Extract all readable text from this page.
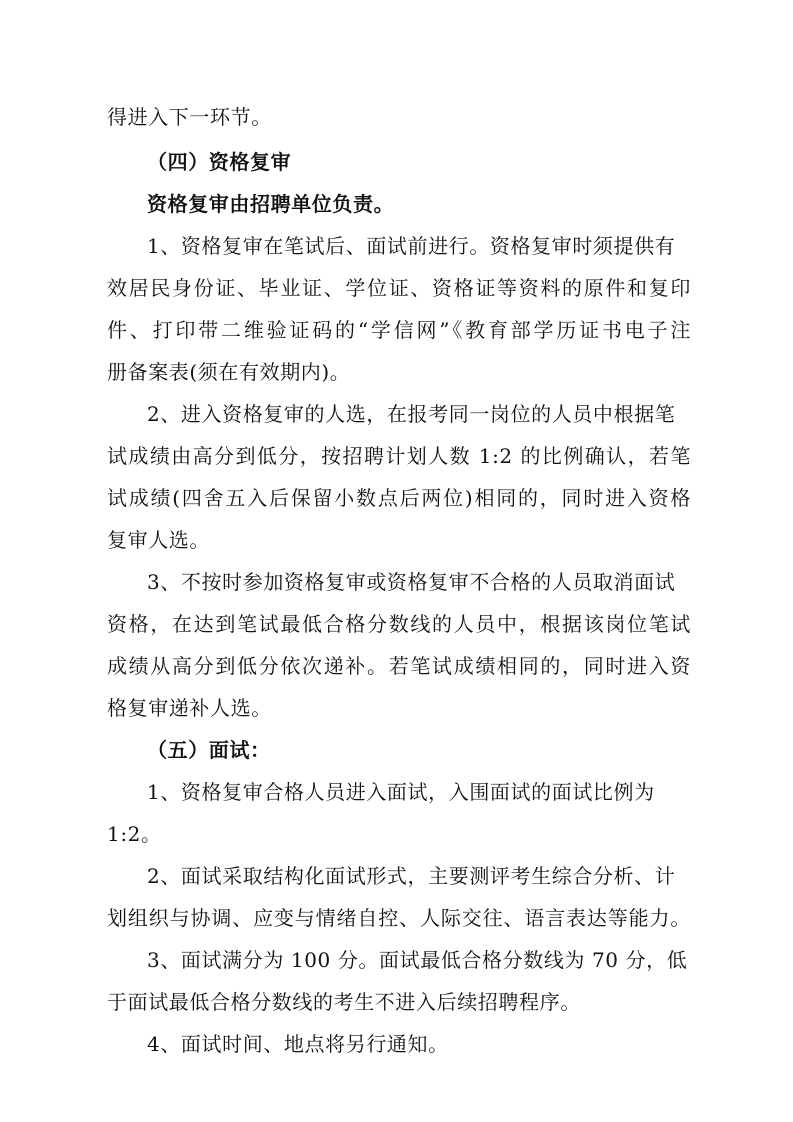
得进入下一环节。
（四）资格复审
资格复审由招聘单位负责。
1、资格复审在笔试后、面试前进行。资格复审时须提供有
效居民身份证、毕业证、学位证、资格证等资料的原件和复印
件、打印带二维验证码的“学信网”《教育部学历证书电子注
册备案表(须在有效期内)。
2、进入资格复审的人选，在报考同一岗位的人员中根据笔
试成绩由高分到低分，按招聘计划人数 1:2 的比例确认，若笔
试成绩(四舍五入后保留小数点后两位)相同的，同时进入资格
复审人选。
3、不按时参加资格复审或资格复审不合格的人员取消面试
资格，在达到笔试最低合格分数线的人员中，根据该岗位笔试
成绩从高分到低分依次递补。若笔试成绩相同的，同时进入资
格复审递补人选。
（五）面试：
1、资格复审合格人员进入面试，入围面试的面试比例为
1:2。
2、面试采取结构化面试形式，主要测评考生综合分析、计
划组织与协调、应变与情绪自控、人际交往、语言表达等能力。
3、面试满分为 100 分。面试最低合格分数线为 70 分，低
于面试最低合格分数线的考生不进入后续招聘程序。
4、面试时间、地点将另行通知。
